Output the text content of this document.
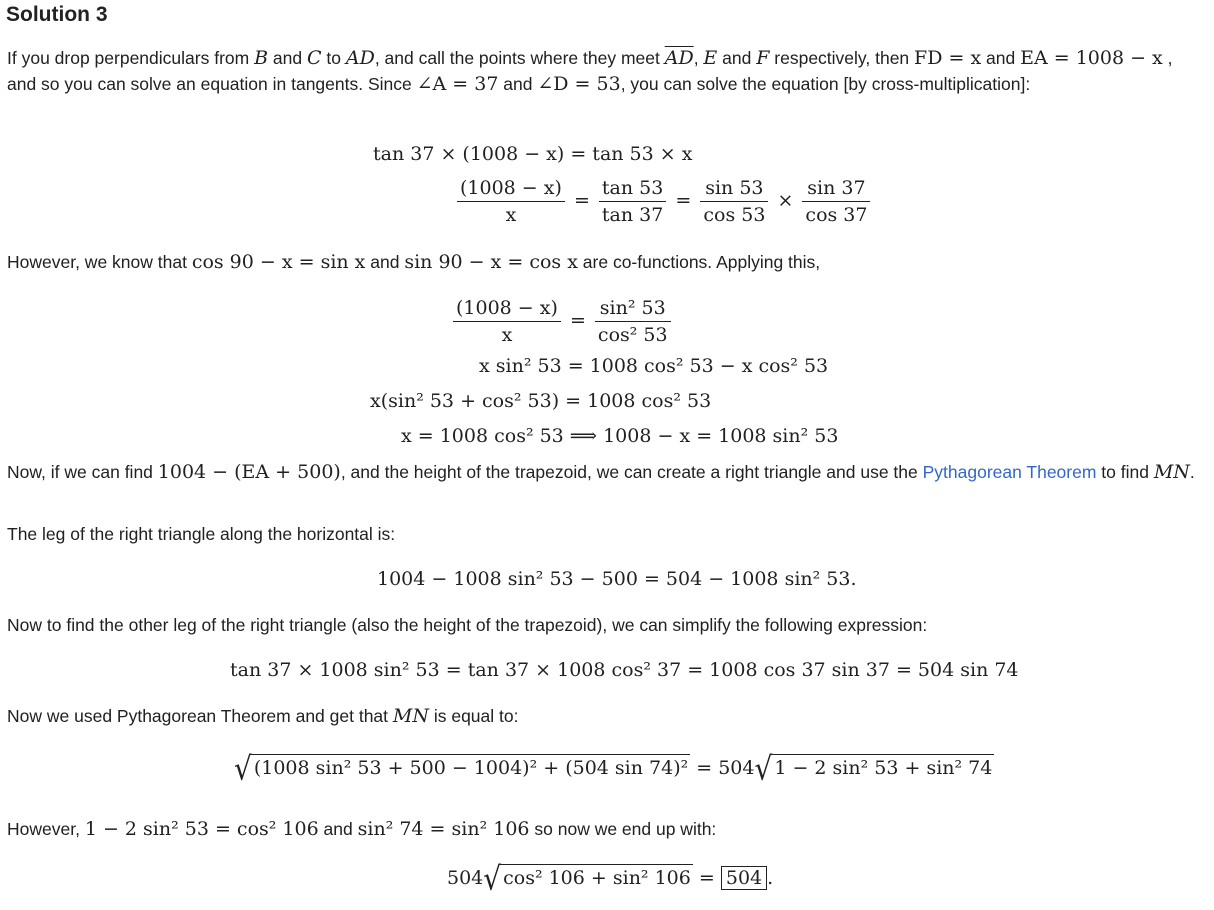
Solution 3
If you drop perpendiculars from B and C to AD, and call the points where they meet $\overline{AD}$, E and F respectively, then FD = x and EA = 1008 − x , and so you can solve an equation in tangents. Since ∠A = 37 and ∠D = 53, you can solve the equation [by cross-multiplication]:
tan 37 × (1008 − x) = tan 53 × x
$\frac{(1008 - x)}{x} = \frac{\tan 53}{\tan 37} = \frac{\sin 53}{\cos 53} \times \frac{\sin 37}{\cos 37}$
However, we know that cos 90 − x = sin x and sin 90 − x = cos x are co-functions. Applying this,
$\frac{(1008 - x)}{x} = \frac{\text{sin² 53}}{\text{cos² 53}}$
x sin² 53 = 1008 cos² 53 − x cos² 53
x(sin² 53 + cos² 53) = 1008 cos² 53
x = 1008 cos² 53 ⟹ 1008 − x = 1008 sin² 53
Now, if we can find 1004 − (EA + 500), and the height of the trapezoid, we can create a right triangle and use the Pythagorean Theorem to find MN.
The leg of the right triangle along the horizontal is:
1004 − 1008 sin² 53 − 500 = 504 − 1008 sin² 53.
Now to find the other leg of the right triangle (also the height of the trapezoid), we can simplify the following expression:
tan 37 × 1008 sin² 53 = tan 37 × 1008 cos² 37 = 1008 cos 37 sin 37 = 504 sin 74
Now we used Pythagorean Theorem and get that MN is equal to:
√ (1008 sin² 53 + 500 − 1004)² + (504 sin 74)² = 504√ 1 − 2 sin² 53 + sin² 74
However, 1 − 2 sin² 53 = cos² 106 and sin² 74 = sin² 106 so now we end up with:
504√ cos² 106 + sin² 106 = 504 .
